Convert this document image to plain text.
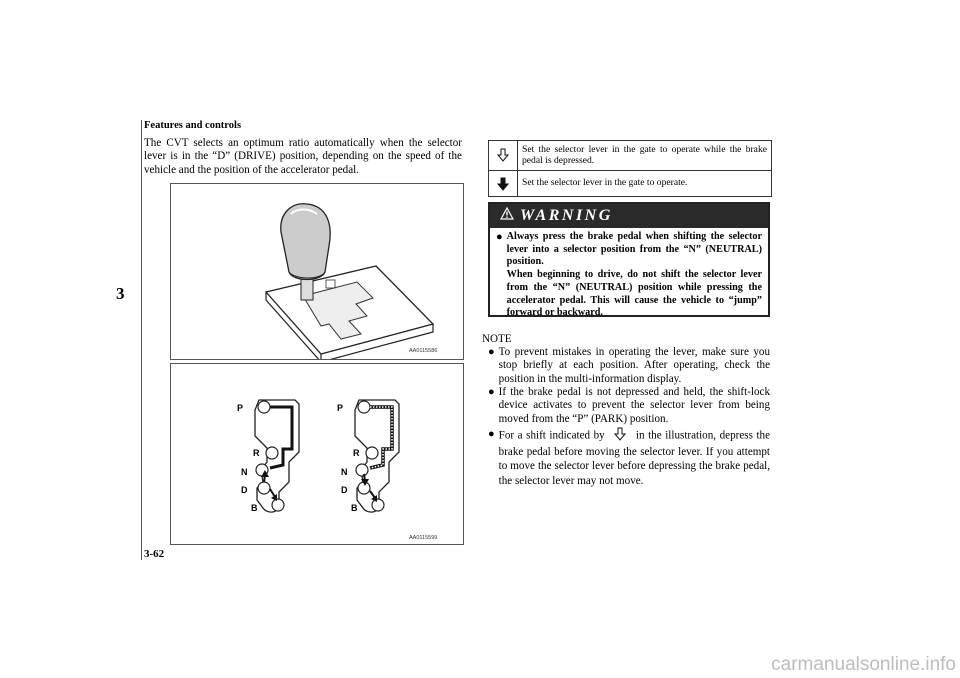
Features and controls
3
The CVT selects an optimum ratio automatically when the selector lever is in the “D” (DRIVE) position, depending on the speed of the vehicle and the position of the accelerator pedal.
AA0115586
P
R
N
D
B
P
R
N
D
B
AA0115599
3-62
Set the selector lever in the gate to operate while the brake pedal is depressed.
Set the selector lever in the gate to operate.
WARNING
● Always press the brake pedal when shifting the selector lever into a selector position from the “N” (NEUTRAL) position.
When beginning to drive, do not shift the selector lever from the “N” (NEUTRAL) position while pressing the accelerator pedal. This will cause the vehicle to “jump” forward or backward.
NOTE
● To prevent mistakes in operating the lever, make sure you stop briefly at each position. After operating, check the position in the multi-information display.
● If the brake pedal is not depressed and held, the shift-lock device activates to prevent the selector lever from being moved from the “P” (PARK) position.
● For a shift indicated by	in the illustration, depress the brake pedal before moving the selector lever. If you attempt to move the selector lever before depressing the brake pedal, the selector lever may not move.
carmanualsonline.info
